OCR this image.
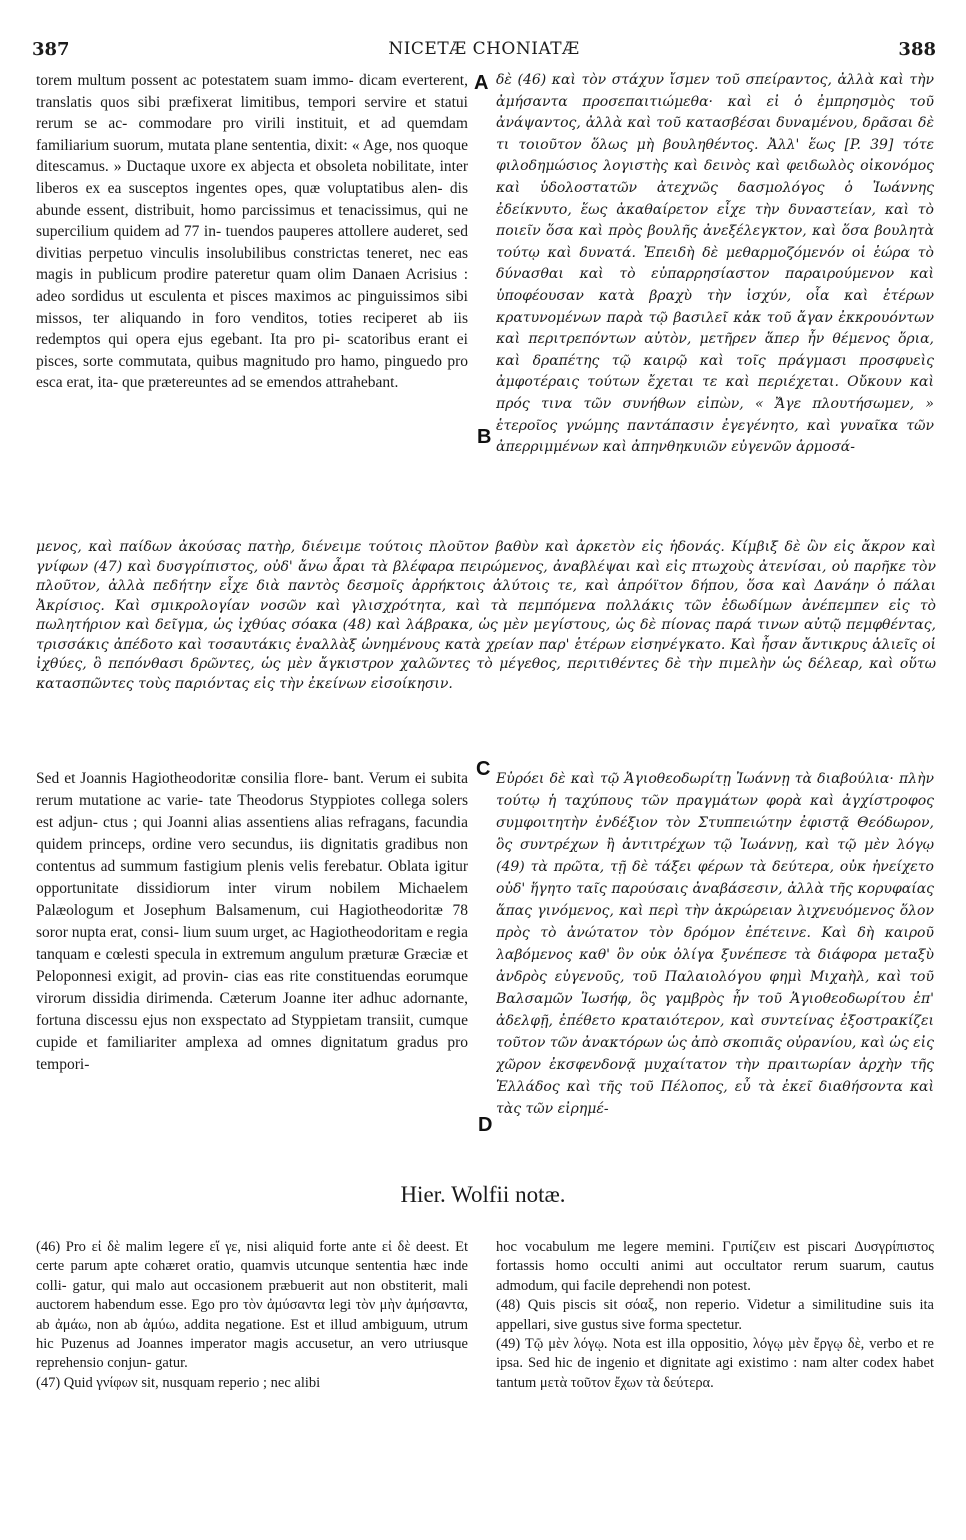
387	NICETÆ CHONIATÆ	388
torem multum possent ac potestatem suam immo- dicam everterent, translatis quos sibi præfixerat limitibus, tempori servire et statui rerum se ac- commodare pro virili instituit, et ad quemdam familiarium suorum, mutata plane sententia, dixit: « Age, nos quoque ditescamus. » Ductaque uxore ex abjecta et obsoleta nobilitate, inter liberos ex ea susceptos ingentes opes, quæ voluptatibus alen- dis abunde essent, distribuit, homo parcissimus et tenacissimus, qui ne supercilium quidem ad 77 in- tuendos pauperes attollere auderet, sed divitias perpetuo vinculis insolubilibus constrictas teneret, nec eas magis in publicum prodire pateretur quam olim Danaen Acrisius : adeo sordidus ut esculenta et pisces maximos ac pinguissimos sibi missos, ter aliquando in foro venditos, toties reciperet ab iis redemptos qui opera ejus egebant. Ita pro pi- scatoribus erant ei pisces, sorte commutata, quibus magnitudo pro hamo, pinguedo pro esca erat, ita- que prætereuntes ad se emendos attrahebant.
δὲ (46) καὶ τὸν στάχυν ἴσμεν τοῦ σπείραντος, ἀλλὰ καὶ τὴν ἀμήσαντα προσεπαιτιώμεθα· καὶ εἰ ὁ ἐμπρησμὸς τοῦ ἀνάψαντος, ἀλλὰ καὶ τοῦ κατασβέσαι δυναμένου, δρᾶσαι δὲ τι τοιοῦτον ὅλως μὴ βουληθέντος. Ἀλλ' ἕως [P. 39] τότε φιλοδημώσιος λογιστὴς καὶ δεινὸς καὶ φειδωλὸς οἰκονόμος καὶ ὑδολοστατῶν ἀτεχνῶς δασμολόγος ὁ Ἰωάννης ἐδείκνυτο, ἕως ἀκαθαίρετον εἶχε τὴν δυναστείαν, καὶ τὸ ποιεῖν ὅσα καὶ πρὸς βουλῆς ἀνεξέλεγκτον, καὶ ὅσα βουλητὰ τούτῳ καὶ δυνατά. Ἐπειδὴ δὲ μεθαρμοζόμενόν οἱ ἑώρα τὸ δύνασθαι καὶ τὸ εὐπαρρησίαστον παραιρούμενον καὶ ὑποφέουσαν κατὰ βραχὺ τὴν ἰσχύν, οἷα καὶ ἑτέρων κρατυνομένων παρὰ τῷ βασιλεῖ κἀκ τοῦ ἄγαν ἐκκρουόντων καὶ περιτρεπόντων αὐτὸν, μετῆρεν ἅπερ ἦν θέμενος ὅρια, καὶ δραπέτης τῷ καιρῷ καὶ τοῖς πράγμασι προσφυεὶς ἀμφοτέραις τούτων ἔχεται τε καὶ περιέχεται. Οὔκουν καὶ πρός τινα τῶν συνήθων εἰπὼν, « Ἄγε πλουτήσωμεν, » ἑτεροῖος γνώμης παντάπασιν ἐγεγένητο, καὶ γυναῖκα τῶν ἀπερριμμένων καὶ ἀπηνθηκυιῶν εὐγενῶν ἁρμοσά-
A
B
μενος, καὶ παίδων ἀκούσας πατὴρ, διένειμε τούτοις πλοῦτον βαθὺν καὶ ἀρκετὸν εἰς ἡδονάς. Κίμβιξ δὲ ὢν εἰς ἄκρον καὶ γνίφων (47) καὶ δυσγρίπιστος, οὐδ' ἄνω ἆραι τὰ βλέφαρα πειρώμενος, ἀναβλέψαι καὶ εἰς πτωχοὺς ἀτενίσαι, οὐ παρῆκε τὸν πλοῦτον, ἀλλὰ πεδήτην εἶχε διὰ παντὸς δεσμοῖς ἀρρήκτοις ἁλύτοις τε, καὶ ἀπρόϊτον δήπου, ὅσα καὶ Δανάην ὁ πάλαι Ἀκρίσιος. Καὶ σμικρολογίαν νοσῶν καὶ γλισχρότητα, καὶ τὰ πεμπόμενα πολλάκις τῶν ἐδωδίμων ἀνέπεμπεν εἰς τὸ πωλητήριον καὶ δεῖγμα, ὡς ἰχθύας σόακα (48) καὶ λάβρακα, ὡς μὲν μεγίστους, ὡς δὲ πίονας παρά τινων αὐτῷ πεμφθέντας, τρισσάκις ἀπέδοτο καὶ τοσαυτάκις ἐναλλὰξ ὠνημένους κατὰ χρείαν παρ' ἑτέρων εἰσηνέγκατο. Καὶ ἦσαν ἄντικρυς ἁλιεῖς οἱ ἰχθύες, ὃ πεπόνθασι δρῶντες, ὡς μὲν ἄγκιστρον χαλῶντες τὸ μέγεθος, περιτιθέντες δὲ τὴν πιμελὴν ὡς δέλεαρ, καὶ οὕτω κατασπῶντες τοὺς παριόντας εἰς τὴν ἐκείνων εἰσοίκησιν.
Sed et Joannis Hagiotheodoritæ consilia flore- bant. Verum ei subita rerum mutatione ac varie- tate Theodorus Styppiotes collega solers est adjun- ctus ; qui Joanni alias assentiens alias refragans, facundia quidem princeps, ordine vero secundus, iis dignitatis gradibus non contentus ad summum fastigium plenis velis ferebatur. Oblata igitur opportunitate dissidiorum inter virum nobilem Michaelem Palæologum et Josephum Balsamenum, cui Hagiotheodoritæ 78 soror nupta erat, consi- lium suum urget, ac Hagiotheodoritam e regia tanquam e cœlesti specula in extremum angulum præturæ Græciæ et Peloponnesi exigit, ad provin- cias eas rite constituendas eorumque virorum dissidia dirimenda. Cæterum Joanne iter adhuc adornante, fortuna discessu ejus non exspectato ad Styppietam transiit, cumque cupide et familiariter amplexa ad omnes dignitatum gradus pro tempori-
Εὐρόει δὲ καὶ τῷ Ἁγιοθεοδωρίτῃ Ἰωάννῃ τὰ διαβούλια· πλὴν τούτῳ ἡ ταχύπους τῶν πραγμάτων φορὰ καὶ ἀγχίστροφος συμφοιτητὴν ἐνδέξιον τὸν Στυππειώτην ἐφιστᾷ Θεόδωρον, ὃς συντρέχων ἢ ἀντιτρέχων τῷ Ἰωάννῃ, καὶ τῷ μὲν λόγῳ (49) τὰ πρῶτα, τῇ δὲ τάξει φέρων τὰ δεύτερα, οὐκ ἠνείχετο οὐδ' ἥγητο ταῖς παρούσαις ἀναβάσεσιν, ἀλλὰ τῆς κορυφαίας ἅπας γινόμενος, καὶ περὶ τὴν ἀκρώρειαν λιχνευόμενος ὅλον πρὸς τὸ ἀνώτατον τὸν δρόμον ἐπέτεινε. Καὶ δὴ καιροῦ λαβόμενος καθ' ὃν οὐκ ὀλίγα ξυνέπεσε τὰ διάφορα μεταξὺ ἀνδρὸς εὐγενοῦς, τοῦ Παλαιολόγου φημὶ Μιχαὴλ, καὶ τοῦ Βαλσαμῶν Ἰωσήφ, ὃς γαμβρὸς ἦν τοῦ Ἁγιοθεοδωρίτου ἐπ' ἀδελφῇ, ἐπέθετο κραταιότερον, καὶ συντείνας ἐξοστρακίζει τοῦτον τῶν ἀνακτόρων ὡς ἀπὸ σκοπιᾶς οὐρανίου, καὶ ὡς εἰς χῶρον ἐκσφενδονᾷ μυχαίτατον τὴν πραιτωρίαν ἀρχὴν τῆς Ἑλλάδος καὶ τῆς τοῦ Πέλοπος, εὖ τὰ ἐκεῖ διαθήσοντα καὶ τὰς τῶν εἰρημέ-
C
D
Hier. Wolfii notæ.

(46) Pro εἰ δὲ malim legere εἴ γε, nisi aliquid forte ante εἰ δὲ deest. Et certe parum apte cohæret oratio, quamvis utcunque sententia hæc inde colli- gatur, qui malo aut occasionem præbuerit aut non obstiterit, mali auctorem habendum esse. Ego pro τὸν ἀμύσαντα legi τὸν μὴν ἀμήσαντα, ab ἀμάω, non ab ἀμύω, addita negatione. Est et illud ambiguum, utrum hic Puzenus ad Joannes imperator magis accusetur, an vero utriusque reprehensio conjun- gatur.

(47) Quid γνίφων sit, nusquam reperio ; nec alibi

hoc vocabulum me legere memini. Γριπίζειν est piscari Δυσγρίπιστος fortassis homo occulti animi aut occultator rerum suarum, cautus admodum, qui facile deprehendi non potest.

(48) Quis piscis sit σόαξ, non reperio. Videtur a similitudine suis ita appellari, sive gustus sive forma spectetur.

(49) Τῷ μὲν λόγῳ. Nota est illa oppositio, λόγῳ μὲν ἔργῳ δὲ, verbo et re ipsa. Sed hic de ingenio et dignitate agi existimo : nam alter codex habet tantum μετὰ τοῦτον ἔχων τὰ δεύτερα.
